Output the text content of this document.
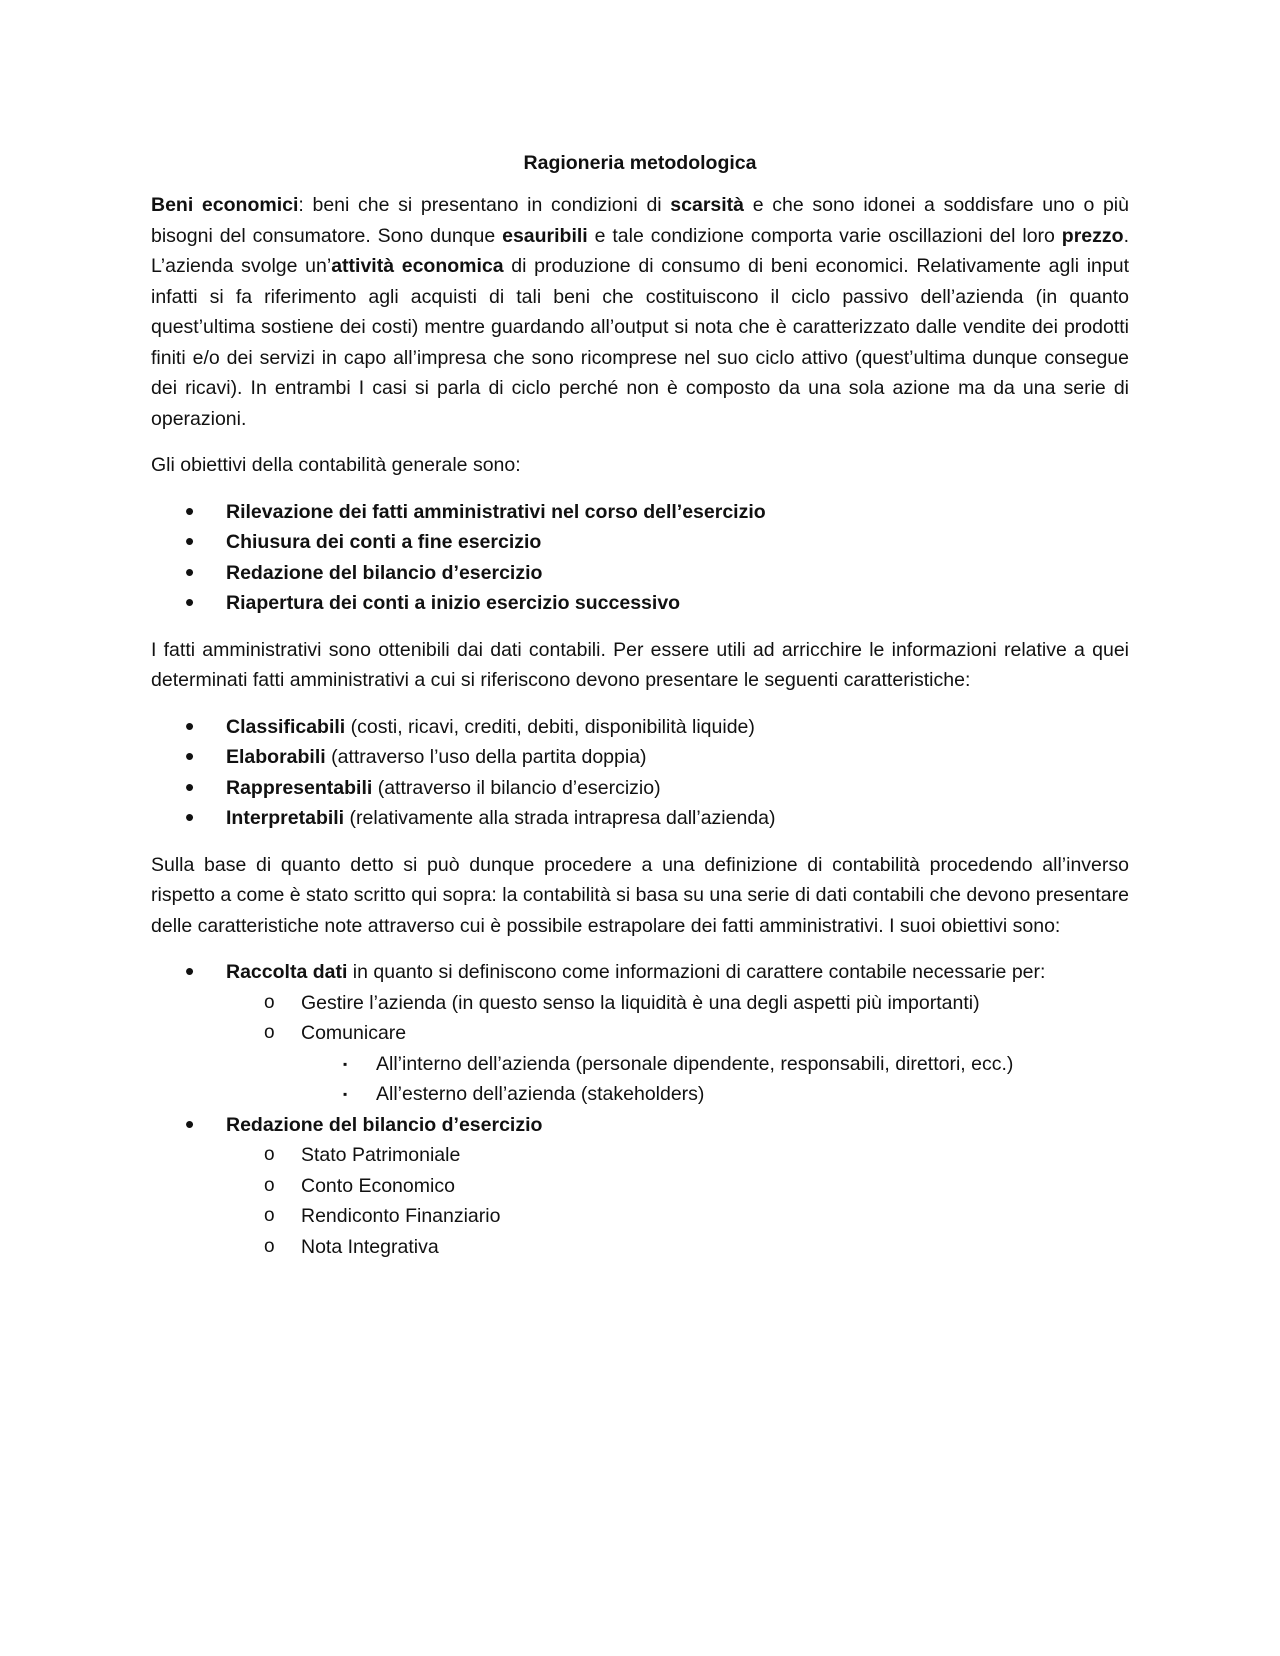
Ragioneria metodologica

Beni economici: beni che si presentano in condizioni di scarsità e che sono idonei a soddisfare uno o più bisogni del consumatore. Sono dunque esauribili e tale condizione comporta varie oscillazioni del loro prezzo. L’azienda svolge un’attività economica di produzione di consumo di beni economici. Relativamente agli input infatti si fa riferimento agli acquisti di tali beni che costituiscono il ciclo passivo dell’azienda (in quanto quest’ultima sostiene dei costi) mentre guardando all’output si nota che è caratterizzato dalle vendite dei prodotti finiti e/o dei servizi in capo all’impresa che sono ricomprese nel suo ciclo attivo (quest’ultima dunque consegue dei ricavi). In entrambi I casi si parla di ciclo perché non è composto da una sola azione ma da una serie di operazioni.

Gli obiettivi della contabilità generale sono:

• Rilevazione dei fatti amministrativi nel corso dell’esercizio
• Chiusura dei conti a fine esercizio
• Redazione del bilancio d’esercizio
• Riapertura dei conti a inizio esercizio successivo

I fatti amministrativi sono ottenibili dai dati contabili. Per essere utili ad arricchire le informazioni relative a quei determinati fatti amministrativi a cui si riferiscono devono presentare le seguenti caratteristiche:

• Classificabili (costi, ricavi, crediti, debiti, disponibilità liquide)
• Elaborabili (attraverso l’uso della partita doppia)
• Rappresentabili (attraverso il bilancio d’esercizio)
• Interpretabili (relativamente alla strada intrapresa dall’azienda)

Sulla base di quanto detto si può dunque procedere a una definizione di contabilità procedendo all’inverso rispetto a come è stato scritto qui sopra: la contabilità si basa su una serie di dati contabili che devono presentare delle caratteristiche note attraverso cui è possibile estrapolare dei fatti amministrativi. I suoi obiettivi sono:

• Raccolta dati in quanto si definiscono come informazioni di carattere contabile necessarie per:
o Gestire l’azienda (in questo senso la liquidità è una degli aspetti più importanti)
o Comunicare
▪ All’interno dell’azienda (personale dipendente, responsabili, direttori, ecc.)
▪ All’esterno dell’azienda (stakeholders)
• Redazione del bilancio d’esercizio
o Stato Patrimoniale
o Conto Economico
o Rendiconto Finanziario
o Nota Integrativa
